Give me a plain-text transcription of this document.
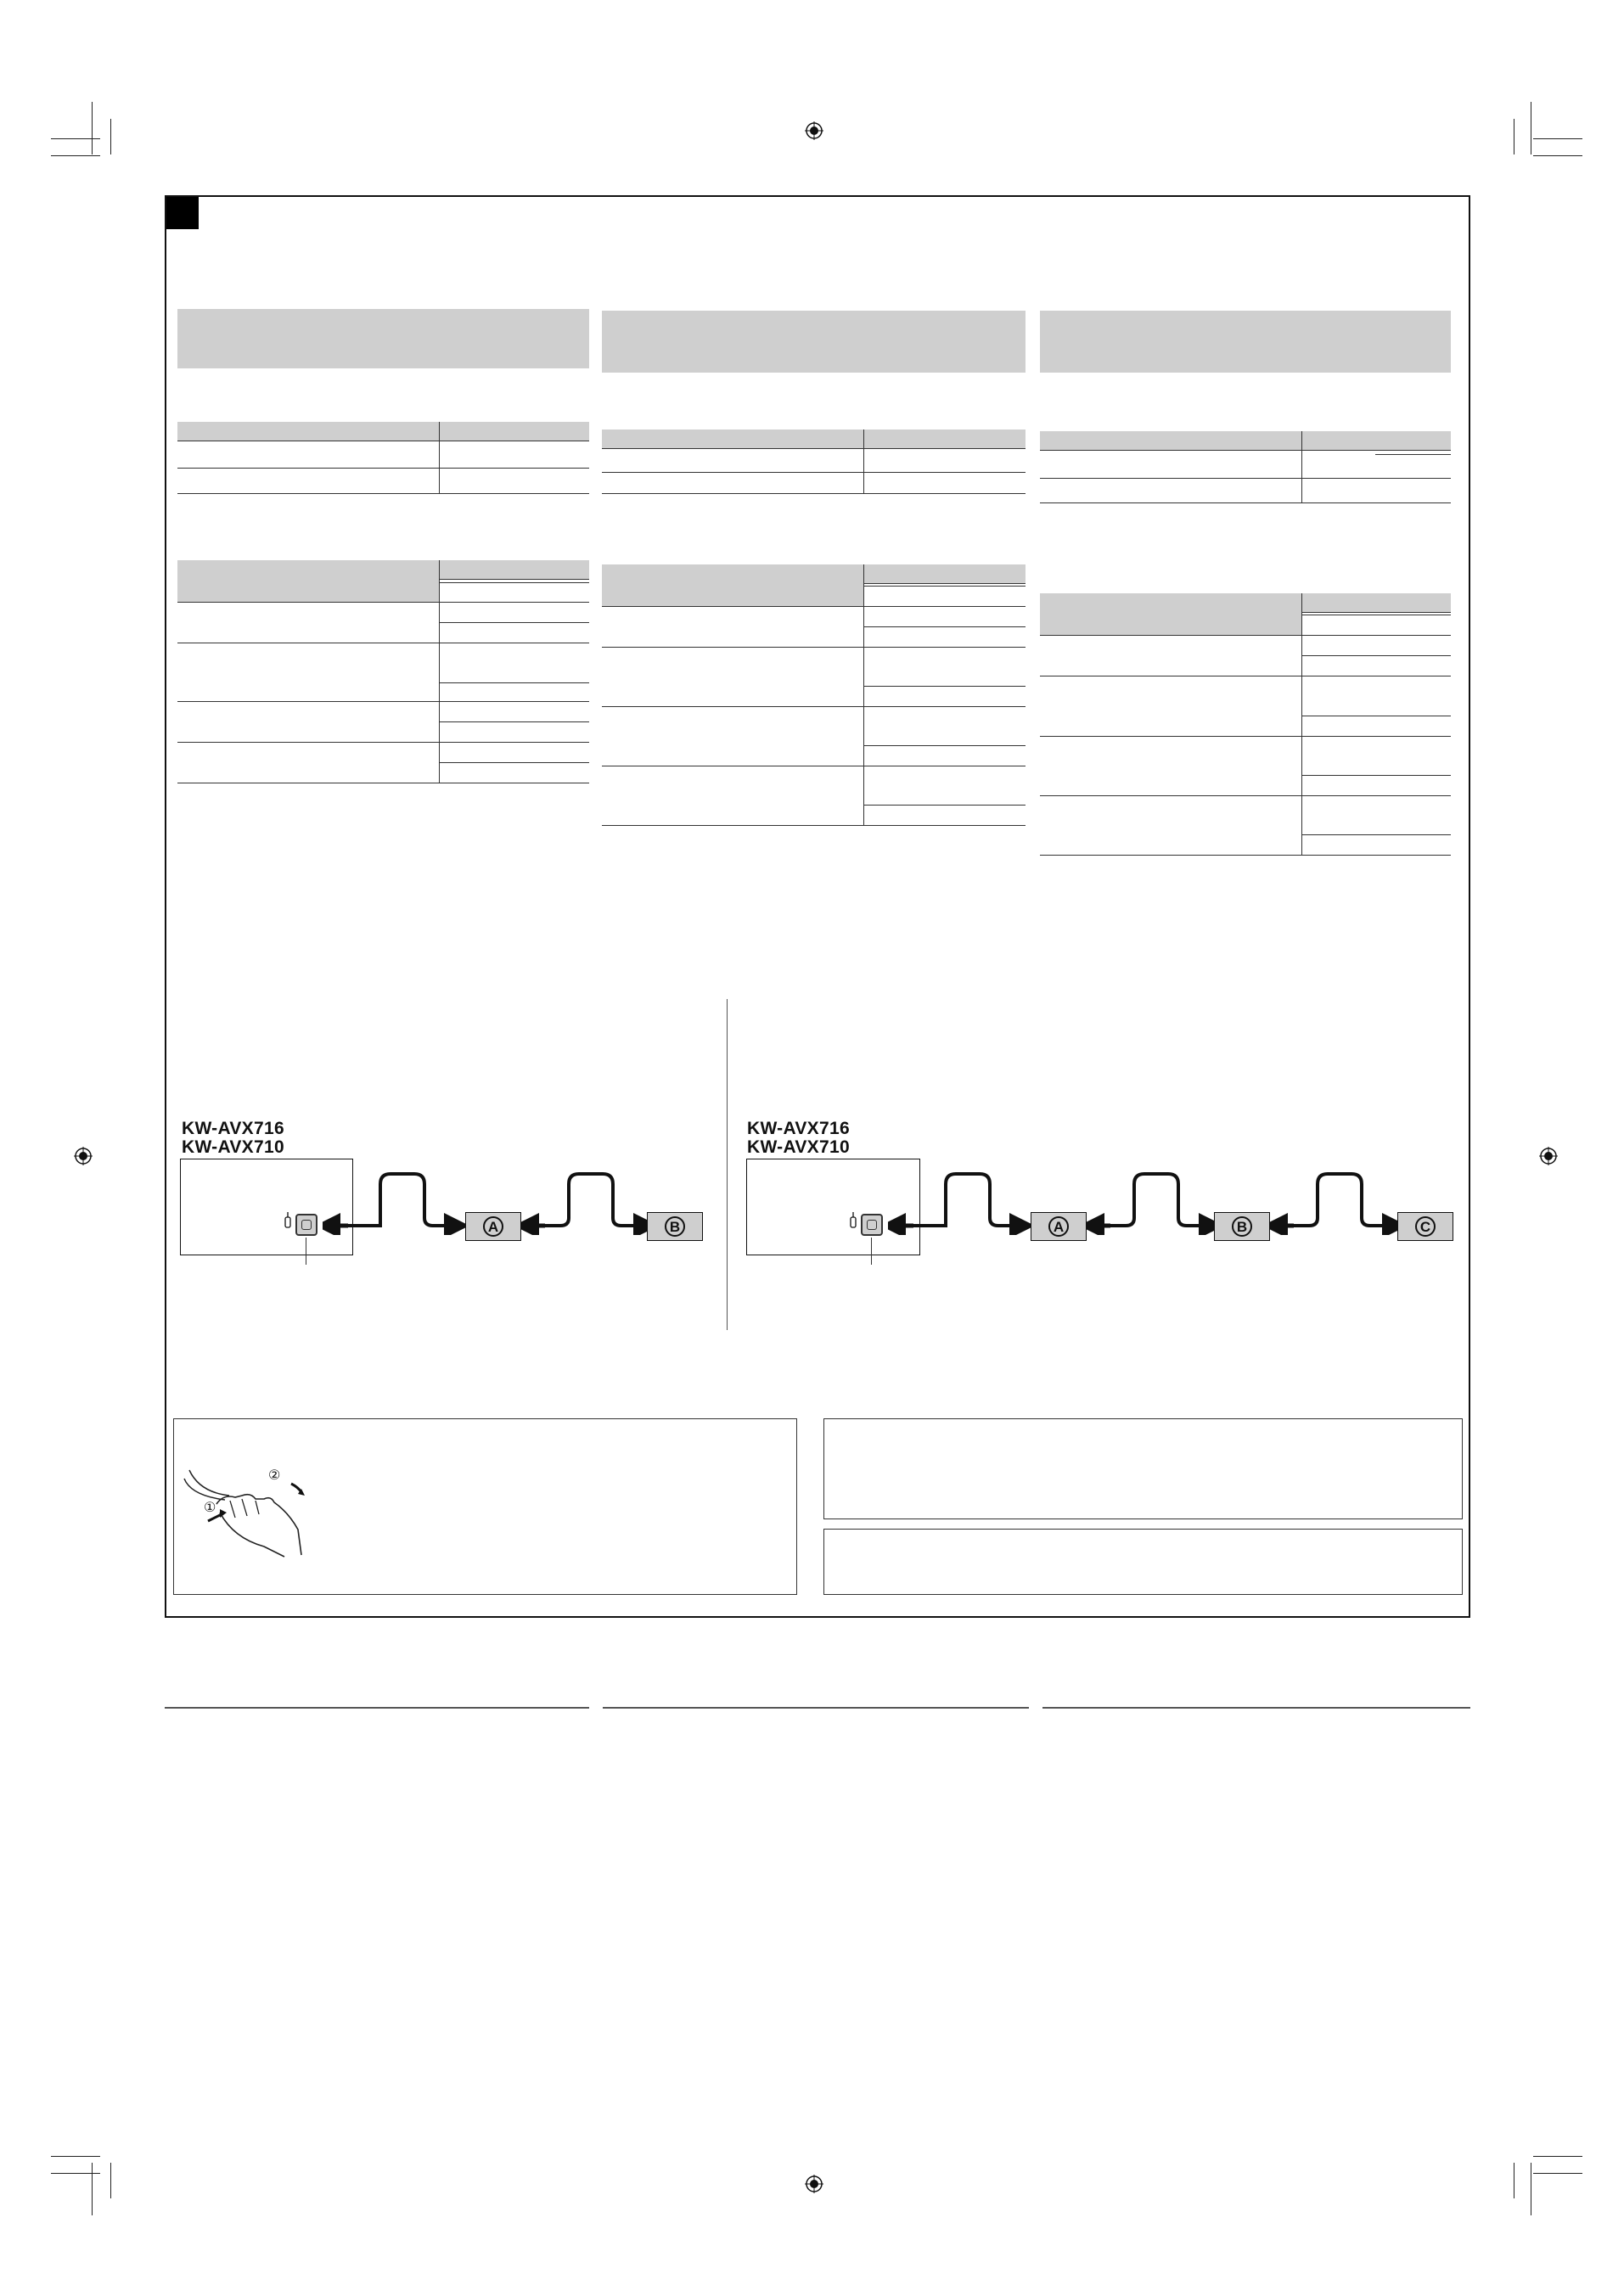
KW-AVX716
KW-AVX710
A	B
KW-AVX716
KW-AVX710
A	B	C
①
②
